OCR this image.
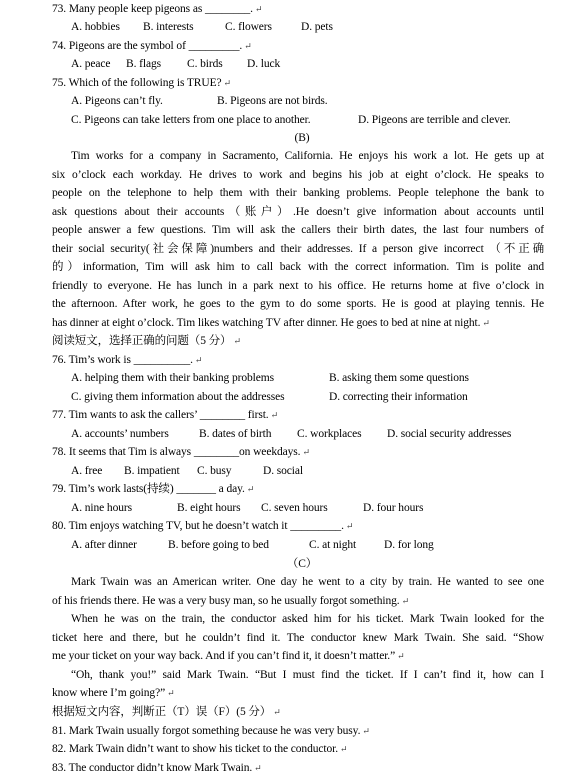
73. Many people keep pigeons as ________. ↵
A. hobbies B. interests	C. flowers	D. pets
74. Pigeons are the symbol of _________. ↵
A. peace B. flags C. birds D. luck
75. Which of the following is TRUE? ↵
A. Pigeons can’t fly.	B. Pigeons are not birds.
C. Pigeons can take letters from one place to another.	D. Pigeons are terrible and clever.
(B)
Tim works for a company in Sacramento, California. He enjoys his work a lot. He gets up at
six o’clock each workday. He drives to work and begins his job at eight o’clock. He speaks to
people on the telephone to help them with their banking problems. People telephone the bank to
ask questions about their accounts（账户）.He doesn’t give information about accounts until
people answer a few questions. Tim will ask the callers their birth dates, the last four numbers of
their social security(社会保障)numbers and their addresses. If a person give incorrect （不正确
的）information, Tim will ask him to call back with the correct information. Tim is polite and
friendly to everyone. He has lunch in a park next to his office. He returns home at five o’clock in
the afternoon. After work, he goes to the gym to do some sports. He is good at playing tennis. He
has dinner at eight o’clock. Tim likes watching TV after dinner. He goes to bed at nine at night. ↵
阅读短文，选择正确的问题（5 分） ↵
76. Tim’s work is __________. ↵
A. helping them with their banking problems	B. asking them some questions
C. giving them information about the addresses	D. correcting their information
77. Tim wants to ask the callers’ ________ first. ↵
A. accounts’ numbers	B. dates of birth C. workplaces D. social security addresses
78. It seems that Tim is always ________on weekdays. ↵
A. free B. impatient C. busy	D. social
79. Tim’s work lasts(持续) _______ a day. ↵
A. nine hours	B. eight hours C. seven hours	D. four hours
80. Tim enjoys watching TV, but he doesn’t watch it _________. ↵
A. after dinner	B. before going to bed	C. at night D. for long
（C）
Mark Twain was an American writer. One day he went to a city by train. He wanted to see one
of his friends there. He was a very busy man, so he usually forgot something. ↵
When he was on the train, the conductor asked him for his ticket. Mark Twain looked for the
ticket here and there, but he couldn’t find it. The conductor knew Mark Twain. She said. “Show
me your ticket on your way back. And if you can’t find it, it doesn’t matter.” ↵
“Oh, thank you!” said Mark Twain. “But I must find the ticket. If I can’t find it, how can I
know where I’m going?” ↵
根据短文内容，判断正（T）误（F）(5 分） ↵
81. Mark Twain usually forgot something because he was very busy. ↵
82. Mark Twain didn’t want to show his ticket to the conductor. ↵
83. The conductor didn’t know Mark Twain. ↵
